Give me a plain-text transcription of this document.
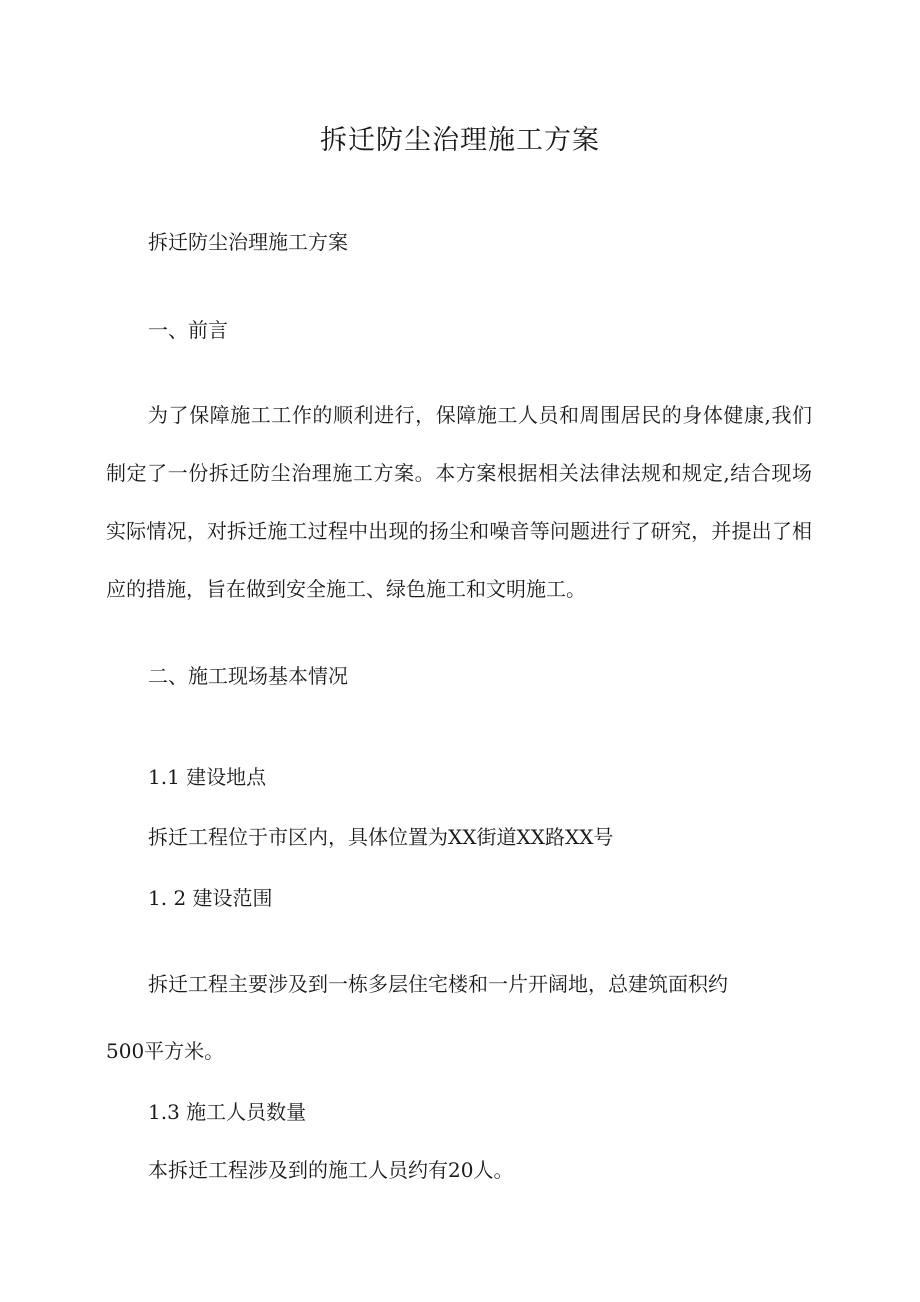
拆迁防尘治理施工方案
拆迁防尘治理施工方案
一、前言

为了保障施工工作的顺利进行，保障施工人员和周围居民的身体健康,我们制定了一份拆迁防尘治理施工方案。本方案根据相关法律法规和规定,结合现场实际情况，对拆迁施工过程中出现的扬尘和噪音等问题进行了研究，并提出了相应的措施，旨在做到安全施工、绿色施工和文明施工。

二、施工现场基本情况
1.1 建设地点
拆迁工程位于市区内，具体位置为XX街道XX路XX号
1. 2 建设范围
拆迁工程主要涉及到一栋多层住宅楼和一片开阔地，总建筑面积约
500平方米。
1.3 施工人员数量
本拆迁工程涉及到的施工人员约有20人。
